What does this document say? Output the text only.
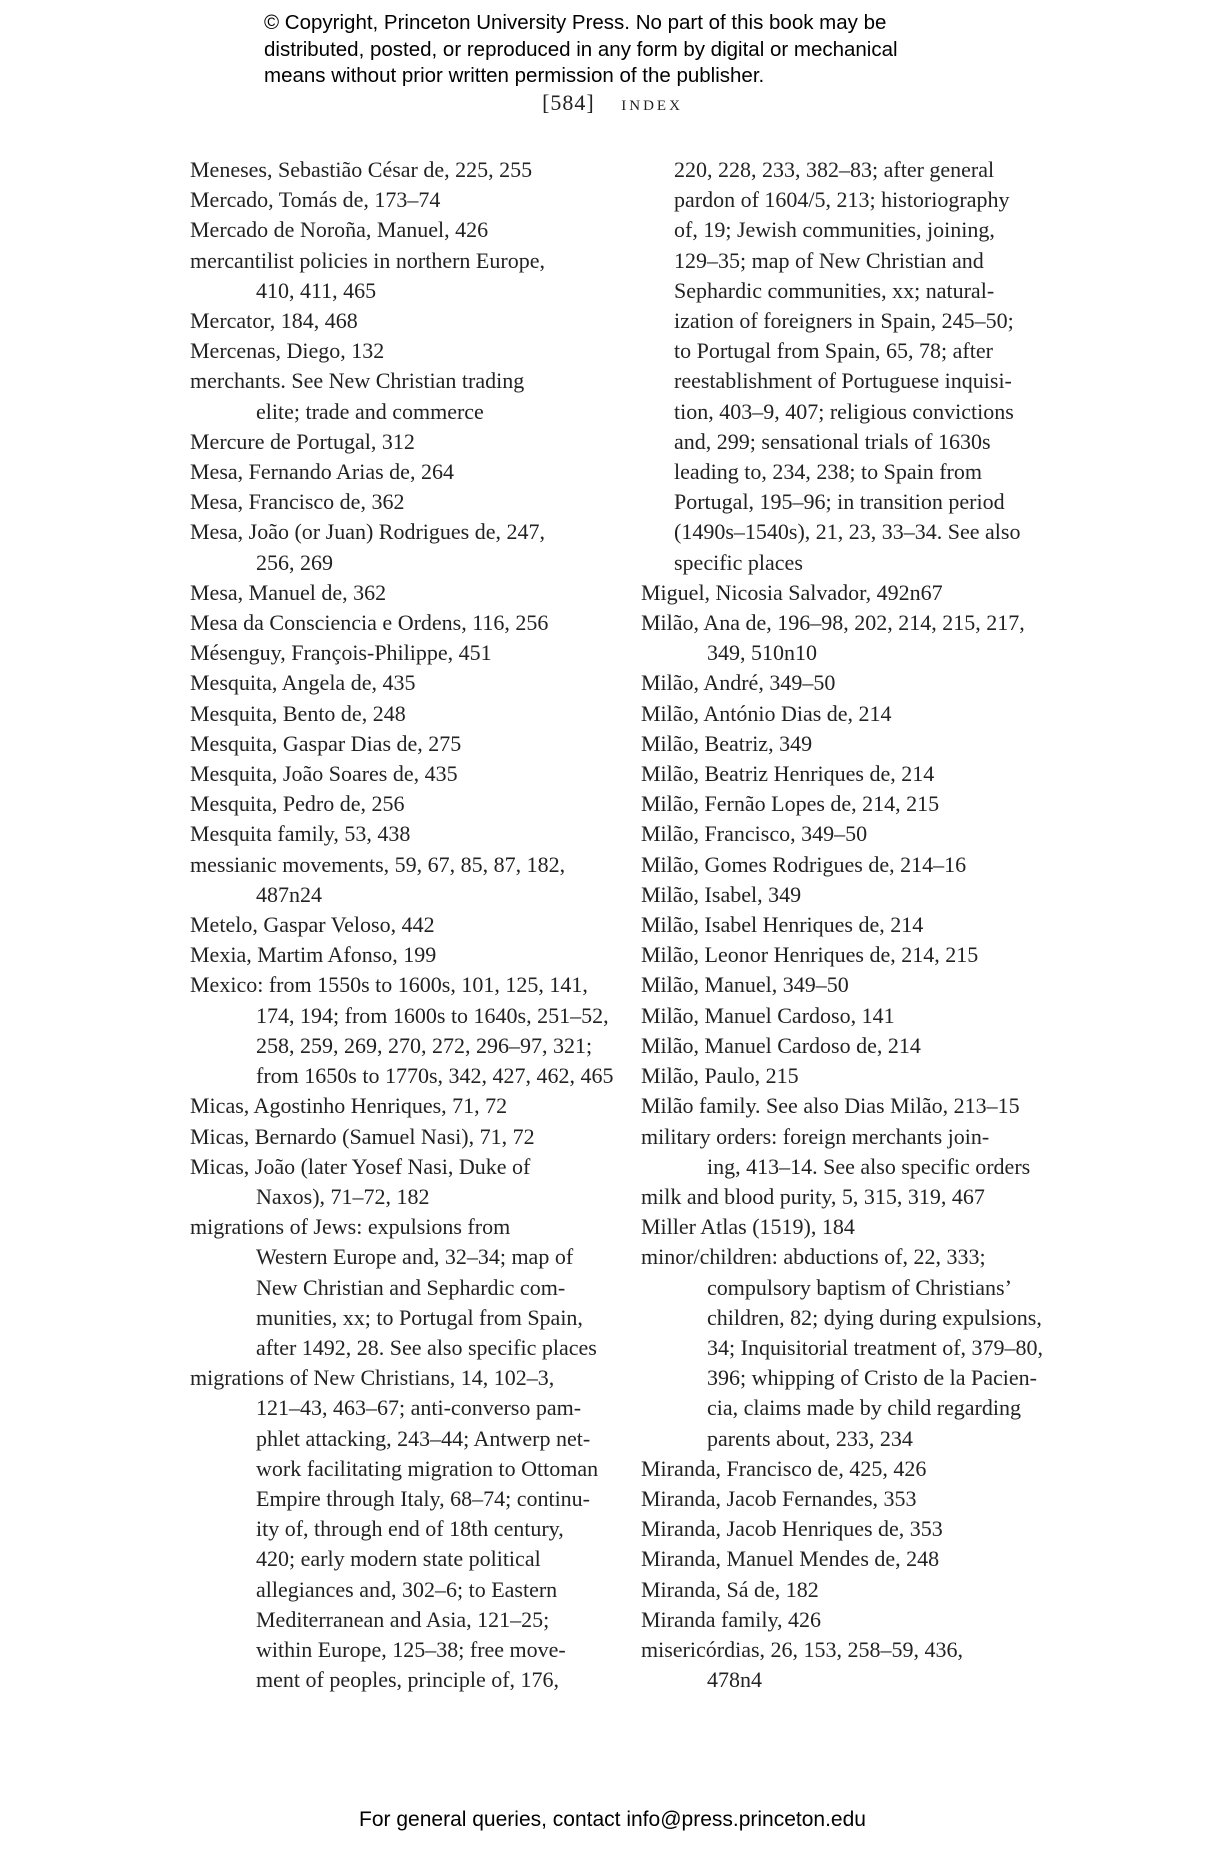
© Copyright, Princeton University Press. No part of this book may be
distributed, posted, or reproduced in any form by digital or mechanical
means without prior written permission of the publisher.
[584] index
Meneses, Sebastião César de, 225, 255
Mercado, Tomás de, 173–74
Mercado de Noroña, Manuel, 426
mercantilist policies in northern Europe,
410, 411, 465
Mercator, 184, 468
Mercenas, Diego, 132
merchants. See New Christian trading
elite; trade and commerce
Mercure de Portugal, 312
Mesa, Fernando Arias de, 264
Mesa, Francisco de, 362
Mesa, João (or Juan) Rodrigues de, 247,
256, 269
Mesa, Manuel de, 362
Mesa da Consciencia e Ordens, 116, 256
Mésenguy, François-Philippe, 451
Mesquita, Angela de, 435
Mesquita, Bento de, 248
Mesquita, Gaspar Dias de, 275
Mesquita, João Soares de, 435
Mesquita, Pedro de, 256
Mesquita family, 53, 438
messianic movements, 59, 67, 85, 87, 182,
487n24
Metelo, Gaspar Veloso, 442
Mexia, Martim Afonso, 199
Mexico: from 1550s to 1600s, 101, 125, 141,
174, 194; from 1600s to 1640s, 251–52,
258, 259, 269, 270, 272, 296–97, 321;
from 1650s to 1770s, 342, 427, 462, 465
Micas, Agostinho Henriques, 71, 72
Micas, Bernardo (Samuel Nasi), 71, 72
Micas, João (later Yosef Nasi, Duke of
Naxos), 71–72, 182
migrations of Jews: expulsions from
Western Europe and, 32–34; map of
New Christian and Sephardic com-
munities, xx; to Portugal from Spain,
after 1492, 28. See also specific places
migrations of New Christians, 14, 102–3,
121–43, 463–67; anti-converso pam-
phlet attacking, 243–44; Antwerp net-
work facilitating migration to Ottoman
Empire through Italy, 68–74; continu-
ity of, through end of 18th century,
420; early modern state political
allegiances and, 302–6; to Eastern
Mediterranean and Asia, 121–25;
within Europe, 125–38; free move-
ment of peoples, principle of, 176,
220, 228, 233, 382–83; after general
pardon of 1604/5, 213; historiography
of, 19; Jewish communities, joining,
129–35; map of New Christian and
Sephardic communities, xx; natural-
ization of foreigners in Spain, 245–50;
to Portugal from Spain, 65, 78; after
reestablishment of Portuguese inquisi-
tion, 403–9, 407; religious convictions
and, 299; sensational trials of 1630s
leading to, 234, 238; to Spain from
Portugal, 195–96; in transition period
(1490s–1540s), 21, 23, 33–34. See also
specific places
Miguel, Nicosia Salvador, 492n67
Milão, Ana de, 196–98, 202, 214, 215, 217,
349, 510n10
Milão, André, 349–50
Milão, António Dias de, 214
Milão, Beatriz, 349
Milão, Beatriz Henriques de, 214
Milão, Fernão Lopes de, 214, 215
Milão, Francisco, 349–50
Milão, Gomes Rodrigues de, 214–16
Milão, Isabel, 349
Milão, Isabel Henriques de, 214
Milão, Leonor Henriques de, 214, 215
Milão, Manuel, 349–50
Milão, Manuel Cardoso, 141
Milão, Manuel Cardoso de, 214
Milão, Paulo, 215
Milão family. See also Dias Milão, 213–15
military orders: foreign merchants join-
ing, 413–14. See also specific orders
milk and blood purity, 5, 315, 319, 467
Miller Atlas (1519), 184
minor/children: abductions of, 22, 333;
compulsory baptism of Christians’
children, 82; dying during expulsions,
34; Inquisitorial treatment of, 379–80,
396; whipping of Cristo de la Pacien-
cia, claims made by child regarding
parents about, 233, 234
Miranda, Francisco de, 425, 426
Miranda, Jacob Fernandes, 353
Miranda, Jacob Henriques de, 353
Miranda, Manuel Mendes de, 248
Miranda, Sá de, 182
Miranda family, 426
misericórdias, 26, 153, 258–59, 436,
478n4
For general queries, contact info@press.princeton.edu
